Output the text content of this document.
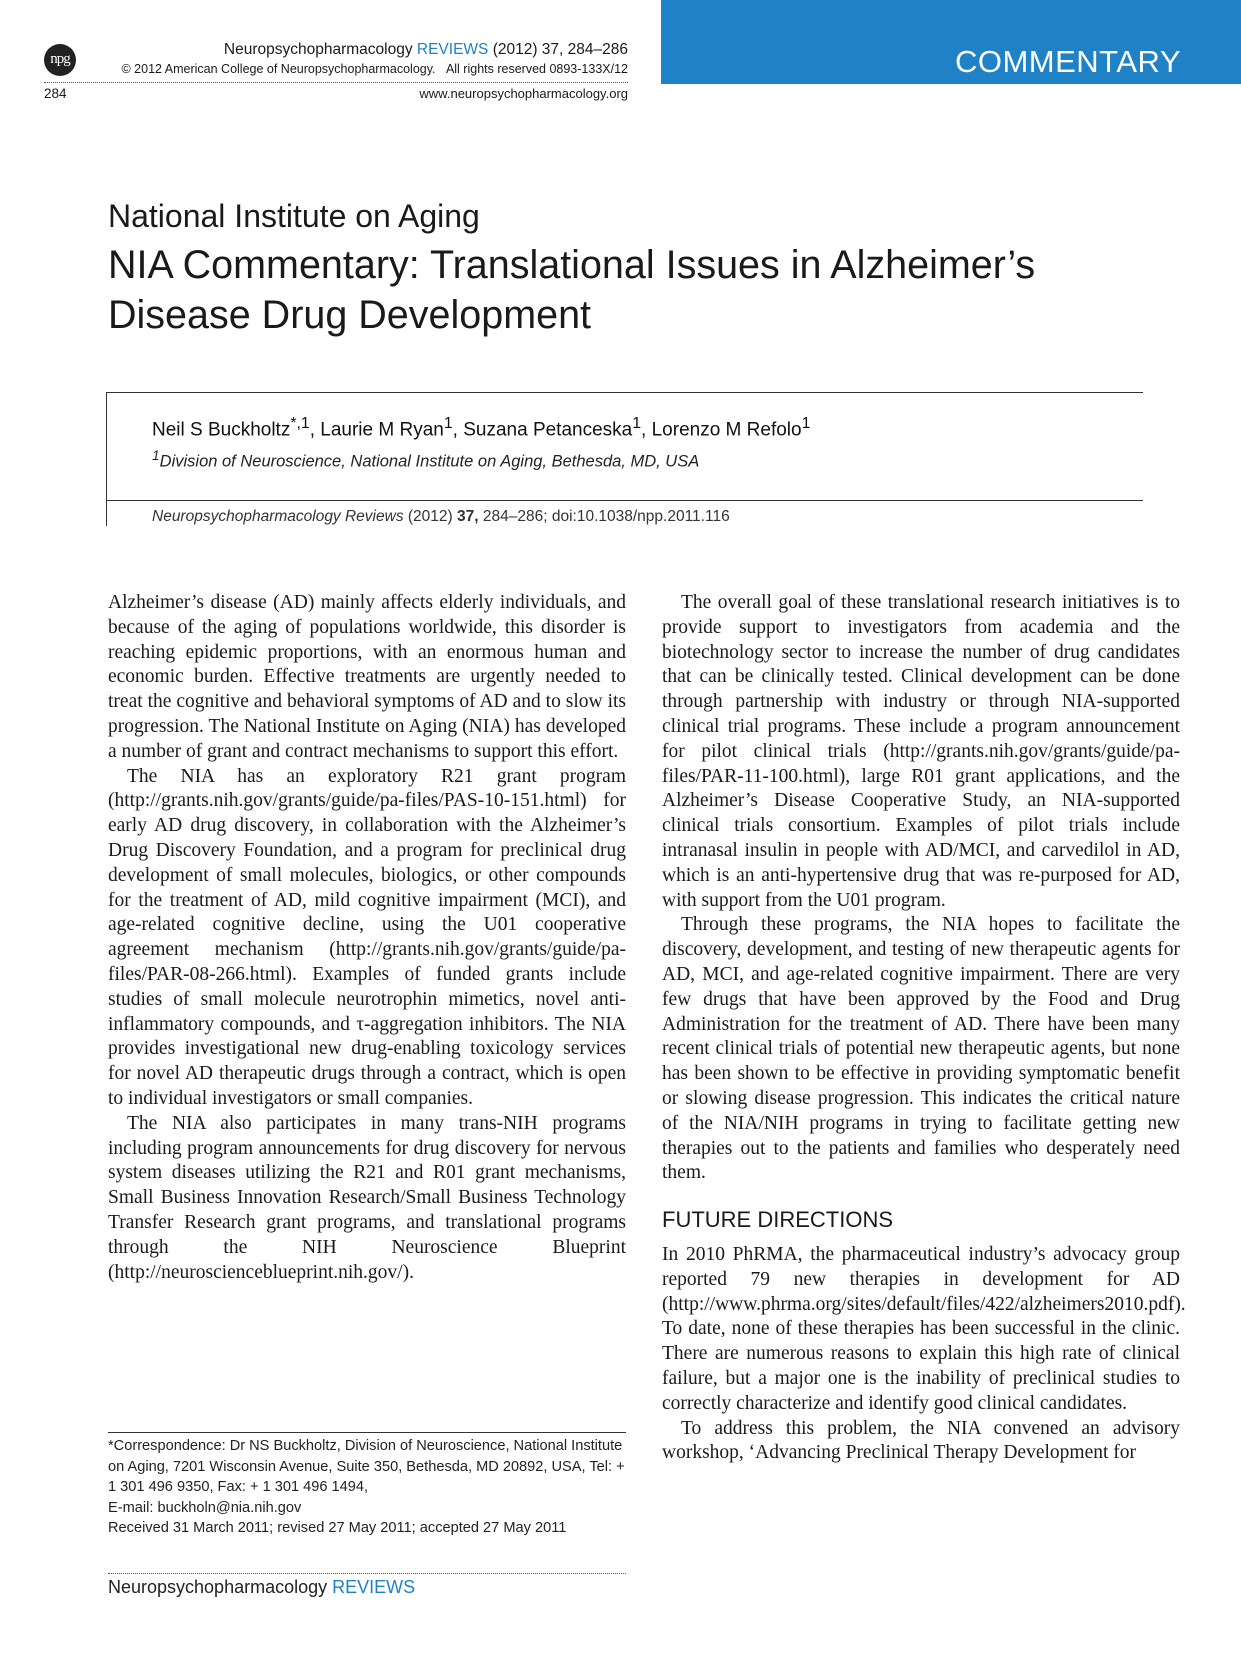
npg
Neuropsychopharmacology REVIEWS (2012) 37, 284–286
© 2012 American College of Neuropsychopharmacology. All rights reserved 0893-133X/12
284	www.neuropsychopharmacology.org
COMMENTARY
National Institute on Aging
NIA Commentary: Translational Issues in Alzheimer’s Disease Drug Development
Neil S Buckholtz$^{*,1}$, Laurie M Ryan$^1$, Suzana Petanceska$^1$, Lorenzo M Refolo$^1$
$^1$Division of Neuroscience, National Institute on Aging, Bethesda, MD, USA
Neuropsychopharmacology Reviews (2012) 37, 284–286; doi:10.1038/npp.2011.116

Alzheimer’s disease (AD) mainly affects elderly individuals, and because of the aging of populations worldwide, this disorder is reaching epidemic proportions, with an enormous human and economic burden. Effective treatments are urgently needed to treat the cognitive and behavioral symptoms of AD and to slow its progression. The National Institute on Aging (NIA) has developed a number of grant and contract mechanisms to support this effort.

The NIA has an exploratory R21 grant program (http://grants.nih.gov/grants/guide/pa-files/PAS-10-151.html) for early AD drug discovery, in collaboration with the Alzheimer’s Drug Discovery Foundation, and a program for preclinical drug development of small molecules, biologics, or other compounds for the treatment of AD, mild cognitive impairment (MCI), and age-related cognitive decline, using the U01 cooperative agreement mechanism (http://grants.nih.gov/grants/guide/pa-files/PAR-08-266.html). Examples of funded grants include studies of small molecule neurotrophin mimetics, novel anti-inflammatory compounds, and τ-aggregation inhibitors. The NIA provides investigational new drug-enabling toxicology services for novel AD therapeutic drugs through a contract, which is open to individual investigators or small companies.

The NIA also participates in many trans-NIH programs including program announcements for drug discovery for nervous system diseases utilizing the R21 and R01 grant mechanisms, Small Business Innovation Research/Small Business Technology Transfer Research grant programs, and translational programs through the NIH Neuroscience Blueprint (http://neuroscienceblueprint.nih.gov/).

The overall goal of these translational research initiatives is to provide support to investigators from academia and the biotechnology sector to increase the number of drug candidates that can be clinically tested. Clinical development can be done through partnership with industry or through NIA-supported clinical trial programs. These include a program announcement for pilot clinical trials (http://grants.nih.gov/grants/guide/pa-files/PAR-11-100.html), large R01 grant applications, and the Alzheimer’s Disease Cooperative Study, an NIA-supported clinical trials consortium. Examples of pilot trials include intranasal insulin in people with AD/MCI, and carvedilol in AD, which is an anti-hypertensive drug that was re-purposed for AD, with support from the U01 program.

Through these programs, the NIA hopes to facilitate the discovery, development, and testing of new therapeutic agents for AD, MCI, and age-related cognitive impairment. There are very few drugs that have been approved by the Food and Drug Administration for the treatment of AD. There have been many recent clinical trials of potential new therapeutic agents, but none has been shown to be effective in providing symptomatic benefit or slowing disease progression. This indicates the critical nature of the NIA/NIH programs in trying to facilitate getting new therapies out to the patients and families who desperately need them.

FUTURE DIRECTIONS

In 2010 PhRMA, the pharmaceutical industry’s advocacy group reported 79 new therapies in development for AD (http://www.phrma.org/sites/default/files/422/alzheimers2010.pdf). To date, none of these therapies has been successful in the clinic. There are numerous reasons to explain this high rate of clinical failure, but a major one is the inability of preclinical studies to correctly characterize and identify good clinical candidates.

To address this problem, the NIA convened an advisory workshop, ‘Advancing Preclinical Therapy Development for

*Correspondence: Dr NS Buckholtz, Division of Neuroscience, National Institute on Aging, 7201 Wisconsin Avenue, Suite 350, Bethesda, MD 20892, USA, Tel: + 1 301 496 9350, Fax: + 1 301 496 1494,

E-mail: buckholn@nia.nih.gov

Received 31 March 2011; revised 27 May 2011; accepted 27 May 2011

Neuropsychopharmacology REVIEWS
